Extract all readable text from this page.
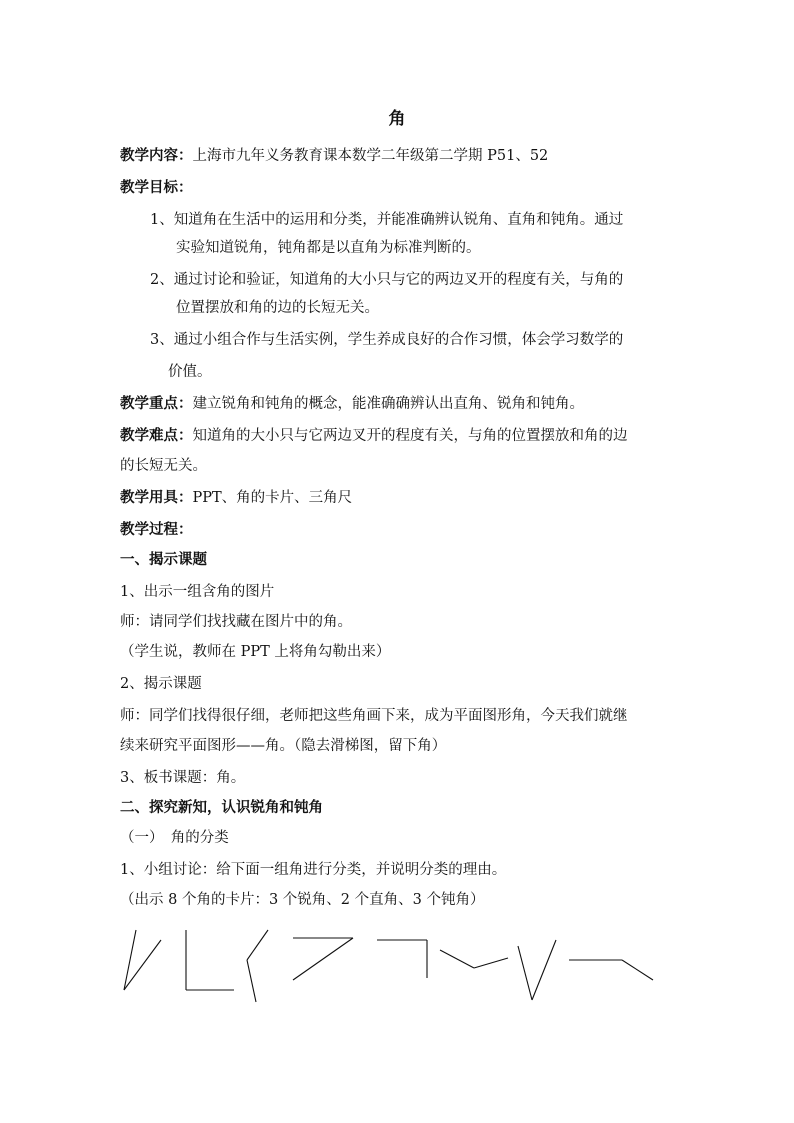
角
教学内容：上海市九年义务教育课本数学二年级第二学期 P51、52
教学目标：
1、知道角在生活中的运用和分类，并能准确辨认锐角、直角和钝角。通过
实验知道锐角，钝角都是以直角为标准判断的。
2、通过讨论和验证，知道角的大小只与它的两边叉开的程度有关，与角的
位置摆放和角的边的长短无关。
3、通过小组合作与生活实例，学生养成良好的合作习惯，体会学习数学的
价值。
教学重点：建立锐角和钝角的概念，能准确确辨认出直角、锐角和钝角。
教学难点：知道角的大小只与它两边叉开的程度有关，与角的位置摆放和角的边
的长短无关。
教学用具：PPT、角的卡片、三角尺
教学过程：
一、揭示课题
1、出示一组含角的图片
师：请同学们找找藏在图片中的角。
（学生说，教师在 PPT 上将角勾勒出来）
2、揭示课题
师：同学们找得很仔细，老师把这些角画下来，成为平面图形角，今天我们就继
续来研究平面图形——角。（隐去滑梯图，留下角）
3、板书课题：角。
二、探究新知，认识锐角和钝角
（一）　角的分类
1、小组讨论：给下面一组角进行分类，并说明分类的理由。
（出示 8 个角的卡片：3 个锐角、2 个直角、3 个钝角）
